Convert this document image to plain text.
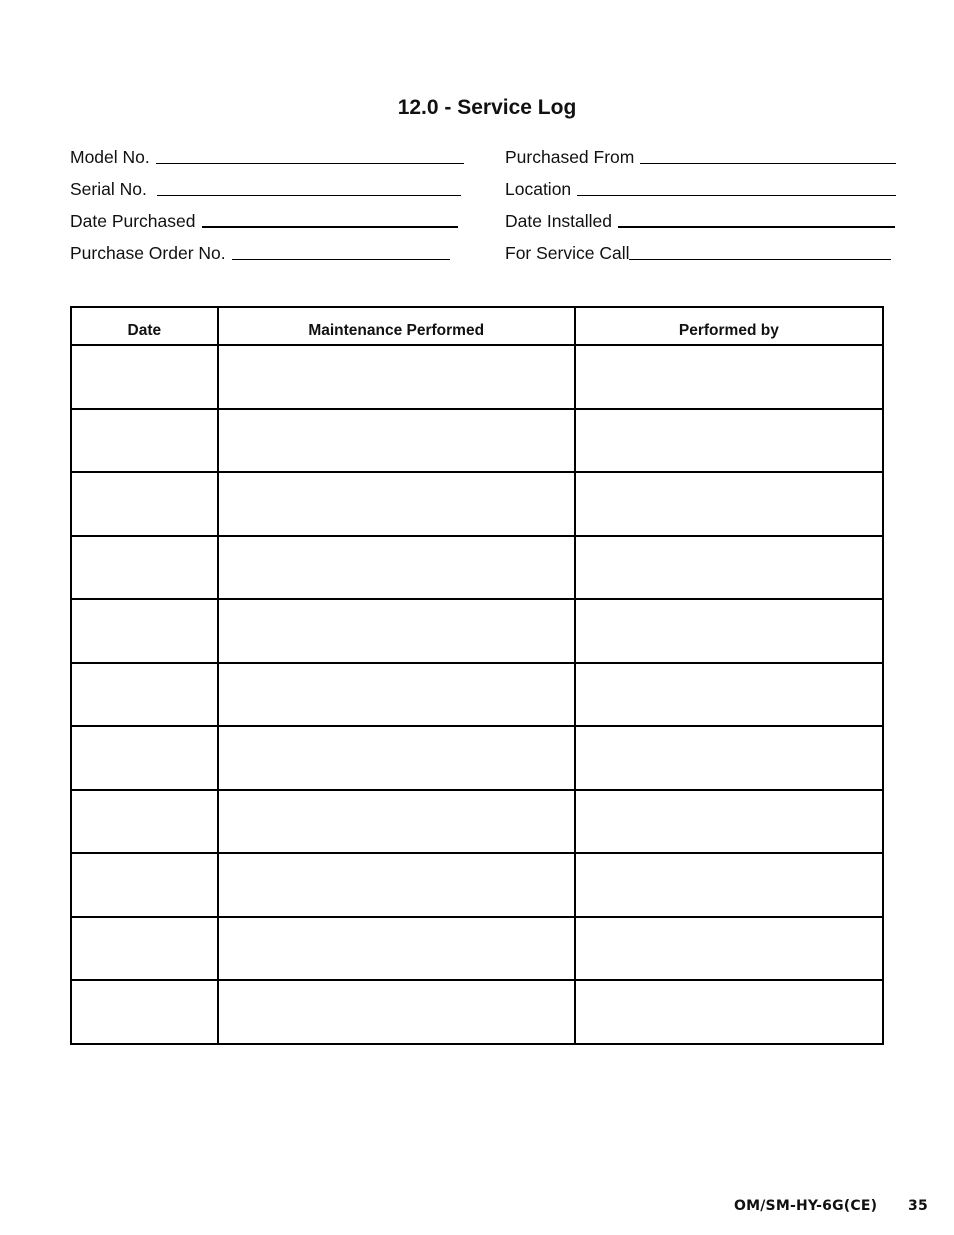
12.0 - Service Log
Model No.
Serial No.
Date Purchased
Purchase Order No.
Purchased From
Location
Date Installed
For Service Call
Date	Maintenance Performed	Performed by

OM/SM-HY-6G(CE) 35
